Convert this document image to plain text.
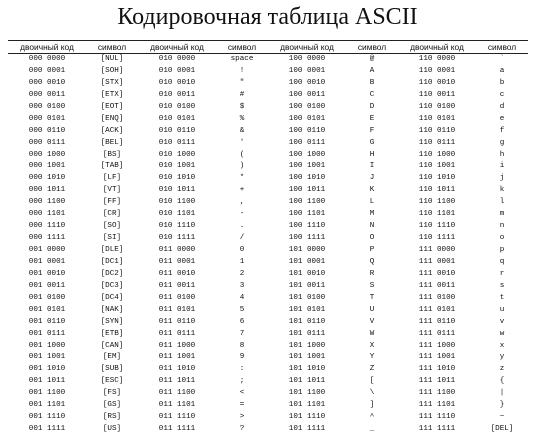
Кодировочная таблица ASCII
двоичный код	символ	двоичный код	символ	двоичный код	символ	двоичный код	символ
000 0000	[NUL]	010 0000	space	100 0000	@	110 0000	`
000 0001	[SOH]	010 0001	!	100 0001	A	110 0001	a
000 0010	[STX]	010 0010	"	100 0010	B	110 0010	b
000 0011	[ETX]	010 0011	#	100 0011	C	110 0011	c
000 0100	[EOT]	010 0100	$	100 0100	D	110 0100	d
000 0101	[ENQ]	010 0101	%	100 0101	E	110 0101	e
000 0110	[ACK]	010 0110	&	100 0110	F	110 0110	f
000 0111	[BEL]	010 0111	'	100 0111	G	110 0111	g
000 1000	[BS]	010 1000	(	100 1000	H	110 1000	h
000 1001	[TAB]	010 1001	)	100 1001	I	110 1001	i
000 1010	[LF]	010 1010	*	100 1010	J	110 1010	j
000 1011	[VT]	010 1011	+	100 1011	K	110 1011	k
000 1100	[FF]	010 1100	,	100 1100	L	110 1100	l
000 1101	[CR]	010 1101	-	100 1101	M	110 1101	m
000 1110	[SO]	010 1110	.	100 1110	N	110 1110	n
000 1111	[SI]	010 1111	/	100 1111	O	110 1111	o
001 0000	[DLE]	011 0000	0	101 0000	P	111 0000	p
001 0001	[DC1]	011 0001	1	101 0001	Q	111 0001	q
001 0010	[DC2]	011 0010	2	101 0010	R	111 0010	r
001 0011	[DC3]	011 0011	3	101 0011	S	111 0011	s
001 0100	[DC4]	011 0100	4	101 0100	T	111 0100	t
001 0101	[NAK]	011 0101	5	101 0101	U	111 0101	u
001 0110	[SYN]	011 0110	6	101 0110	V	111 0110	v
001 0111	[ETB]	011 0111	7	101 0111	W	111 0111	w
001 1000	[CAN]	011 1000	8	101 1000	X	111 1000	x
001 1001	[EM]	011 1001	9	101 1001	Y	111 1001	y
001 1010	[SUB]	011 1010	:	101 1010	Z	111 1010	z
001 1011	[ESC]	011 1011	;	101 1011	[	111 1011	{
001 1100	[FS]	011 1100	<	101 1100	\	111 1100	|
001 1101	[GS]	011 1101	=	101 1101	]	111 1101	}
001 1110	[RS]	011 1110	>	101 1110	^	111 1110	~
001 1111	[US]	011 1111	?	101 1111	_	111 1111	[DEL]
